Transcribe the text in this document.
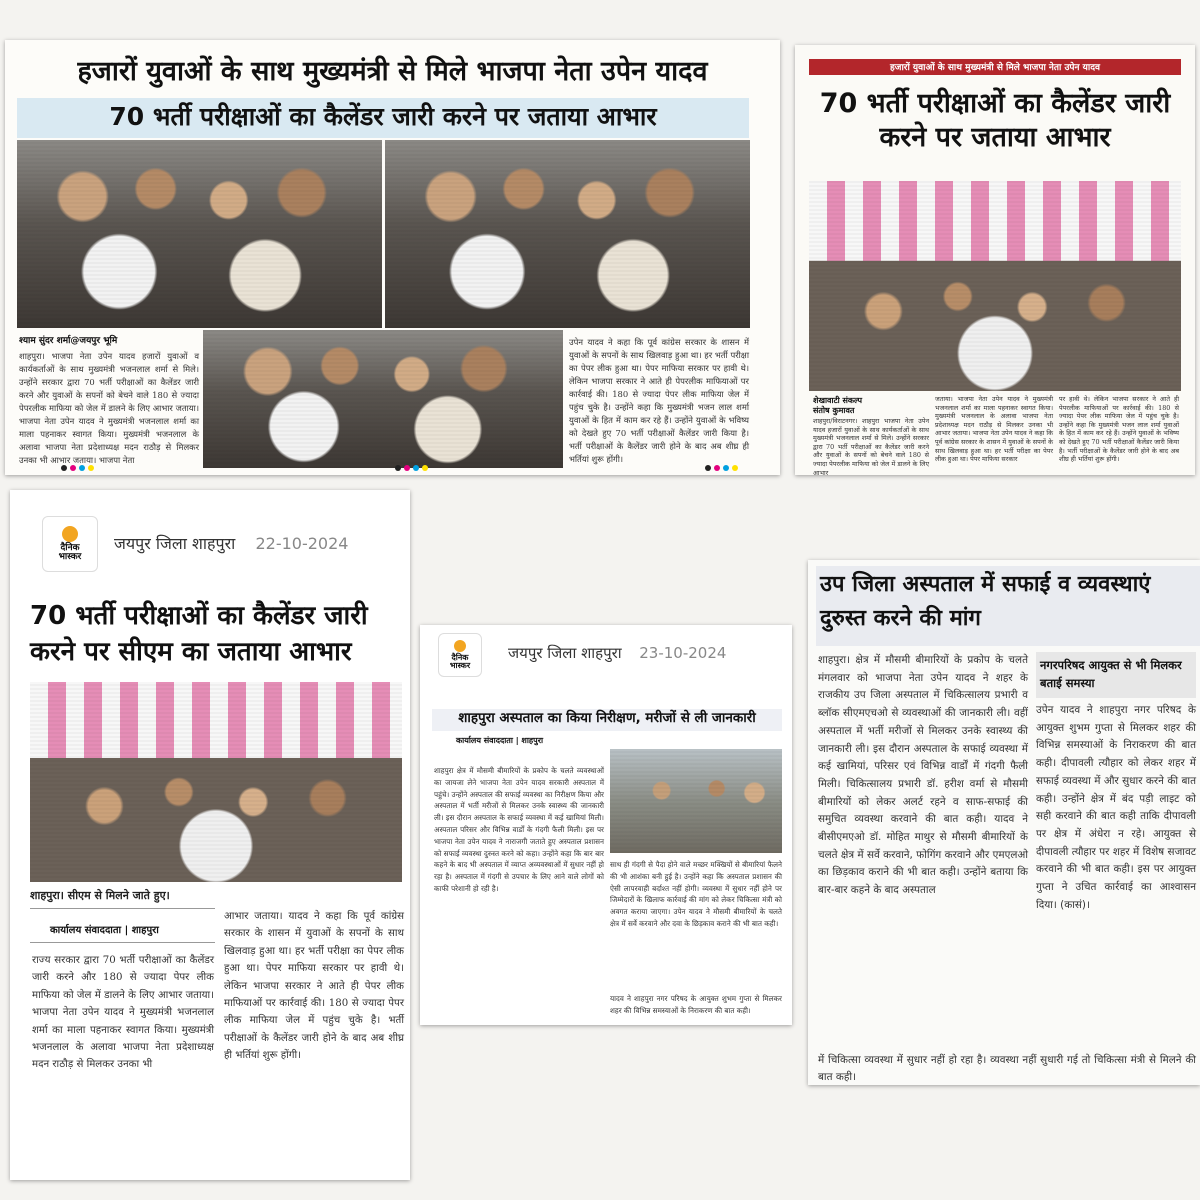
हजारों युवाओं के साथ मुख्यमंत्री से मिले भाजपा नेता उपेन यादव
70 भर्ती परीक्षाओं का कैलेंडर जारी करने पर जताया आभार
श्याम सुंदर शर्मा@जयपुर भूमि
शाहपुरा। भाजपा नेता उपेन यादव हजारों युवाओं व कार्यकर्ताओं के साथ मुख्यमंत्री भजनलाल शर्मा से मिले। उन्होंने सरकार द्वारा 70 भर्ती परीक्षाओं का कैलेंडर जारी करने और युवाओं के सपनों को बेचने वाले 180 से ज्यादा पेपरलीक माफिया को जेल में डालने के लिए आभार जताया। भाजपा नेता उपेन यादव ने मुख्यमंत्री भजनलाल शर्मा का माला पहनाकर स्वागत किया। मुख्यमंत्री भजनलाल के अलावा भाजपा नेता प्रदेशाध्यक्ष मदन राठौड़ से मिलकर उनका भी आभार जताया। भाजपा नेता
उपेन यादव ने कहा कि पूर्व कांग्रेस सरकार के शासन में युवाओं के सपनों के साथ खिलवाड़ हुआ था। हर भर्ती परीक्षा का पेपर लीक हुआ था। पेपर माफिया सरकार पर हावी थे। लेकिन भाजपा सरकार ने आते ही पेपरलीक माफियाओं पर कार्रवाई की। 180 से ज्यादा पेपर लीक माफिया जेल में पहुंच चुके है। उन्होंने कहा कि मुख्यमंत्री भजन लाल शर्मा युवाओं के हित में काम कर रहे हैं। उन्होंने युवाओं के भविष्य को देखते हुए 70 भर्ती परीक्षाओं कैलेंडर जारी किया है। भर्ती परीक्षाओं के कैलेंडर जारी होने के बाद अब शीघ्र ही भर्तियां शुरू होंगी।
हजारों युवाओं के साथ मुख्यमंत्री से मिले भाजपा नेता उपेन यादव
70 भर्ती परीक्षाओं का कैलेंडर जारी करने पर जताया आभार
शेखावाटी संकल्प
संतोष कुमावत
शाहपुरा/विराटनगर। शाहपुरा भाजपा नेता उपेन यादव हजारों युवाओं के साथ कार्यकर्ताओं के साथ मुख्यमंत्री भजनलाल शर्मा से मिले। उन्होंने सरकार द्वारा 70 भर्ती परीक्षाओं का कैलेंडर जारी करने और युवाओं के सपनों को बेचने वाले 180 से ज्यादा पेपरलीक माफिया को जेल में डालने के लिए आभार
जताया। भाजपा नेता उपेन यादव ने मुख्यमंत्री भजनलाल शर्मा का माला पहनाकर स्वागत किया। मुख्यमंत्री भजनलाल के अलावा भाजपा नेता प्रदेशाध्यक्ष मदन राठौड़ से मिलकर उनका भी आभार जताया। भाजपा नेता उपेन यादव ने कहा कि पूर्व कांग्रेस सरकार के शासन में युवाओं के सपनों के साथ खिलवाड़ हुआ था। हर भर्ती परीक्षा का पेपर लीक हुआ था। पेपर माफिया सरकार
पर हावी थे। लेकिन भाजपा सरकार ने आते ही पेपरलीक माफियाओं पर कार्रवाई की। 180 से ज्यादा पेपर लीक माफिया जेल में पहुंच चुके है। उन्होंने कहा कि मुख्यमंत्री भजन लाल शर्मा युवाओं के हित में काम कर रहे हैं। उन्होंने युवाओं के भविष्य को देखते हुए 70 भर्ती परीक्षाओं कैलेंडर जारी किया है। भर्ती परीक्षाओं के कैलेंडर जारी होने के बाद अब शीघ्र ही भर्तियां शुरू होंगी।
दैनिक भास्कर
जयपुर जिला शाहपुरा 22-10-2024
70 भर्ती परीक्षाओं का कैलेंडर जारी करने पर सीएम का जताया आभार
शाहपुरा। सीएम से मिलने जाते हुए।
कार्यालय संवाददाता | शाहपुरा
राज्य सरकार द्वारा 70 भर्ती परीक्षाओं का कैलेंडर जारी करने और 180 से ज्यादा पेपर लीक माफिया को जेल में डालने के लिए आभार जताया। भाजपा नेता उपेन यादव ने मुख्यमंत्री भजनलाल शर्मा का माला पहनाकर स्वागत किया। मुख्यमंत्री भजनलाल के अलावा भाजपा नेता प्रदेशाध्यक्ष मदन राठौड़ से मिलकर उनका भी
आभार जताया। यादव ने कहा कि पूर्व कांग्रेस सरकार के शासन में युवाओं के सपनों के साथ खिलवाड़ हुआ था। हर भर्ती परीक्षा का पेपर लीक हुआ था। पेपर माफिया सरकार पर हावी थे। लेकिन भाजपा सरकार ने आते ही पेपर लीक माफियाओं पर कार्रवाई की। 180 से ज्यादा पेपर लीक माफिया जेल में पहुंच चुके है। भर्ती परीक्षाओं के कैलेंडर जारी होने के बाद अब शीघ्र ही भर्तियां शुरू होंगी।
दैनिक भास्कर
जयपुर जिला शाहपुरा 23-10-2024
शाहपुरा अस्पताल का किया निरीक्षण, मरीजों से ली जानकारी
कार्यालय संवाददाता | शाहपुरा
शाहपुरा क्षेत्र में मौसमी बीमारियों के प्रकोप के चलते व्यवस्थाओं का जायजा लेने भाजपा नेता उपेन यादव सरकारी अस्पताल में पहुंचे। उन्होंने अस्पताल की सफाई व्यवस्था का निरीक्षण किया और अस्पताल में भर्ती मरीजों से मिलकर उनके स्वास्थ्य की जानकारी ली। इस दौरान अस्पताल के सफाई व्यवस्था में कई खामियां मिली। अस्पताल परिसर और विभिन्न वार्डों के गंदगी फैली मिली। इस पर भाजपा नेता उपेन यादव ने नाराजगी जताते हुए अस्पताल प्रशासन को सफाई व्यवस्था दुरुस्त करने को कहा। उन्होंने कहा कि बार बार कहने के बाद भी अस्पताल में व्याप्त अव्यवस्थाओं में सुधार नहीं हो रहा है। अस्पताल में गंदगी से उपचार के लिए आने वाले लोगों को काफी परेशानी हो रही है।
साथ ही गंदगी से पैदा होने वाले मच्छर मक्खियों से बीमारियां फैलने की भी आशंका बनी हुई है। उन्होंने कहा कि अस्पताल प्रशासन की ऐसी लापरवाही बर्दाश्त नहीं होगी। व्यवस्था में सुधार नहीं होने पर जिम्मेदारों के खिलाफ कार्रवाई की मांग को लेकर चिकित्सा मंत्री को अवगत कराया जाएगा। उपेन यादव ने मौसमी बीमारियों के चलते क्षेत्र में सर्वे करवाने और दवा के छिड़काव कराने की भी बात कही।
यादव ने शाहपुरा नगर परिषद के आयुक्त शुभम गुप्ता से मिलकर शहर की विभिन्न समस्याओं के निराकरण की बात कही।
उप जिला अस्पताल में सफाई व व्यवस्थाएं दुरुस्त करने की मांग
शाहपुरा। क्षेत्र में मौसमी बीमारियों के प्रकोप के चलते मंगलवार को भाजपा नेता उपेन यादव ने शहर के राजकीय उप जिला अस्पताल में चिकित्सालय प्रभारी व ब्लॉक सीएमएचओ से व्यवस्थाओं की जानकारी ली। वहीं अस्पताल में भर्ती मरीजों से मिलकर उनके स्वास्थ्य की जानकारी ली। इस दौरान अस्पताल के सफाई व्यवस्था में कई खामियां, परिसर एवं विभिन्न वार्डों में गंदगी फैली मिली। चिकित्सालय प्रभारी डॉ. हरीश वर्मा से मौसमी बीमारियों को लेकर अलर्ट रहने व साफ-सफाई की समुचित व्यवस्था करवाने की बात कही। यादव ने बीसीएमएओ डॉ. मोहित माथुर से मौसमी बीमारियों के चलते क्षेत्र में सर्वे करवाने, फोगिंग करवाने और एमएलओ का छिड़काव कराने की भी बात कही। उन्होंने बताया कि बार-बार कहने के बाद अस्पताल
नगरपरिषद आयुक्त से भी मिलकर बताई समस्या
उपेन यादव ने शाहपुरा नगर परिषद के आयुक्त शुभम गुप्ता से मिलकर शहर की विभिन्न समस्याओं के निराकरण की बात कही। दीपावली त्यौहार को लेकर शहर में सफाई व्यवस्था में और सुधार करने की बात कही। उन्होंने क्षेत्र में बंद पड़ी लाइट को सही करवाने की बात कही ताकि दीपावली पर क्षेत्र में अंधेरा न रहे। आयुक्त से दीपावली त्यौहार पर शहर में विशेष सजावट करवाने की भी बात कही। इस पर आयुक्त गुप्ता ने उचित कार्रवाई का आश्वासन दिया। (कासं)।
में चिकित्सा व्यवस्था में सुधार नहीं हो रहा है। व्यवस्था नहीं सुधारी गई तो चिकित्सा मंत्री से मिलने की बात कही।
